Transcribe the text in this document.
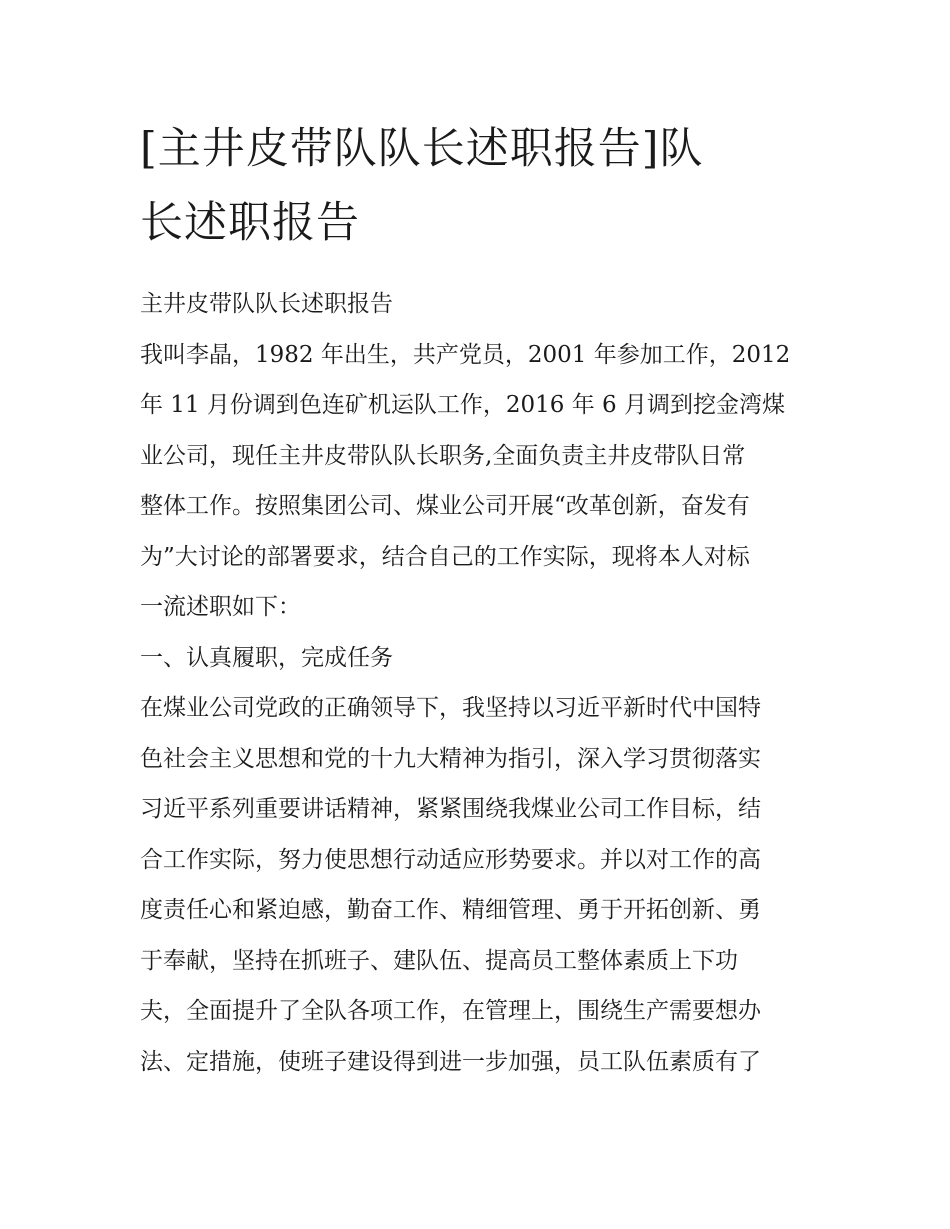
[主井皮带队队长述职报告]队
长述职报告
主井皮带队队长述职报告
我叫李晶，1982 年出生，共产党员，2001 年参加工作，2012
年 11 月份调到色连矿机运队工作，2016 年 6 月调到挖金湾煤
业公司，现任主井皮带队队长职务,全面负责主井皮带队日常
整体工作。按照集团公司、煤业公司开展“改革创新，奋发有
为”大讨论的部署要求，结合自己的工作实际，现将本人对标
一流述职如下：
一、认真履职，完成任务
在煤业公司党政的正确领导下，我坚持以习近平新时代中国特
色社会主义思想和党的十九大精神为指引，深入学习贯彻落实
习近平系列重要讲话精神，紧紧围绕我煤业公司工作目标，结
合工作实际，努力使思想行动适应形势要求。并以对工作的高
度责任心和紧迫感，勤奋工作、精细管理、勇于开拓创新、勇
于奉献，坚持在抓班子、建队伍、提高员工整体素质上下功
夫，全面提升了全队各项工作，在管理上，围绕生产需要想办
法、定措施，使班子建设得到进一步加强，员工队伍素质有了
